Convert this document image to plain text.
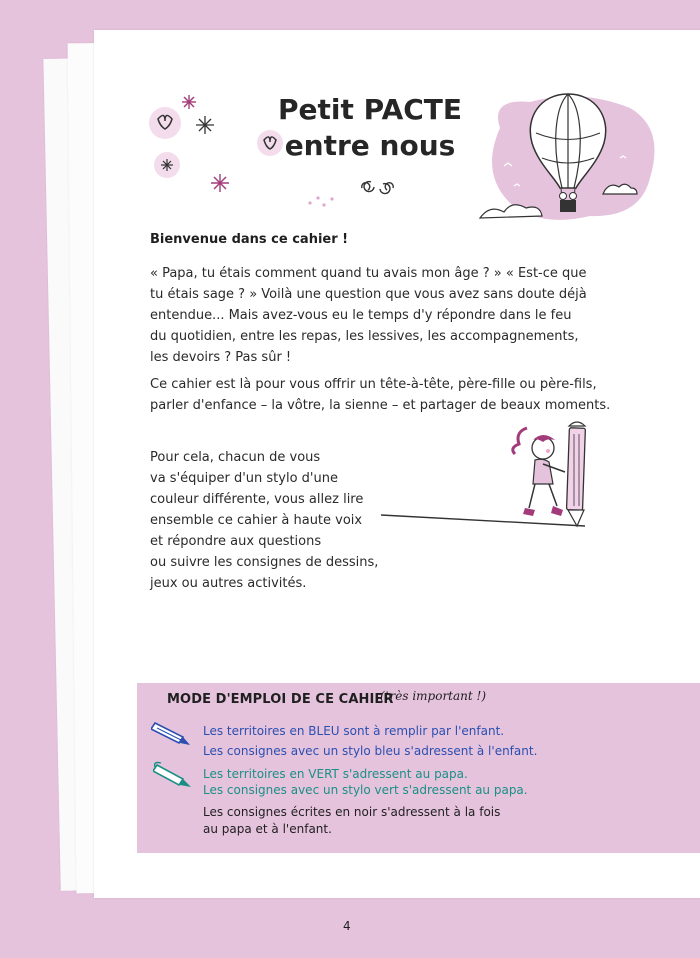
Petit PACTE
entre nous
Bienvenue dans ce cahier !
« Papa, tu étais comment quand tu avais mon âge ? » « Est-ce que
tu étais sage ? » Voilà une question que vous avez sans doute déjà
entendue... Mais avez-vous eu le temps d'y répondre dans le feu
du quotidien, entre les repas, les lessives, les accompagnements,
les devoirs ? Pas sûr !
Ce cahier est là pour vous offrir un tête-à-tête, père-fille ou père-fils,
parler d'enfance – la vôtre, la sienne – et partager de beaux moments.
Pour cela, chacun de vous
va s'équiper d'un stylo d'une
couleur différente, vous allez lire
ensemble ce cahier à haute voix
et répondre aux questions
ou suivre les consignes de dessins,
jeux ou autres activités.
MODE D'EMPLOI DE CE CAHIER
(très important !)
Les territoires en BLEU sont à remplir par l'enfant.
Les consignes avec un stylo bleu s'adressent à l'enfant.
Les territoires en VERT s'adressent au papa.
Les consignes avec un stylo vert s'adressent au papa.
Les consignes écrites en noir s'adressent à la fois
au papa et à l'enfant.
4
